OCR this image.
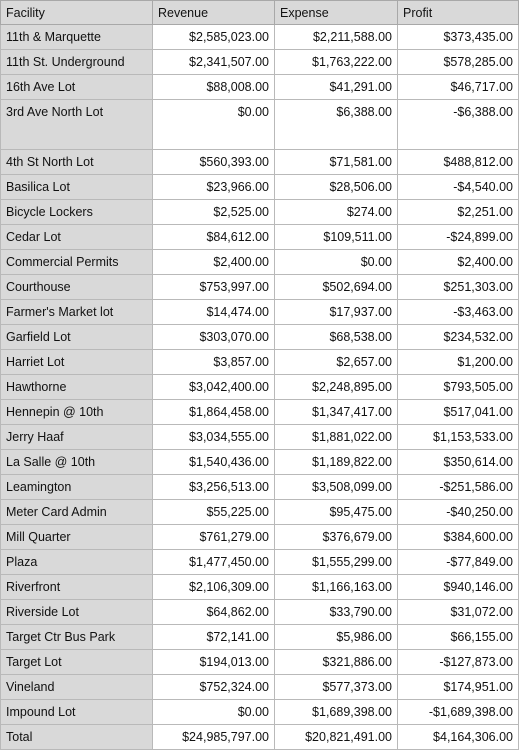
Facility	Revenue	Expense	Profit
11th & Marquette	$2,585,023.00	$2,211,588.00	$373,435.00
11th St. Underground	$2,341,507.00	$1,763,222.00	$578,285.00
16th Ave Lot	$88,008.00	$41,291.00	$46,717.00
3rd Ave North Lot	$0.00	$6,388.00	-$6,388.00
4th St North Lot	$560,393.00	$71,581.00	$488,812.00
Basilica Lot	$23,966.00	$28,506.00	-$4,540.00
Bicycle Lockers	$2,525.00	$274.00	$2,251.00
Cedar Lot	$84,612.00	$109,511.00	-$24,899.00
Commercial Permits	$2,400.00	$0.00	$2,400.00
Courthouse	$753,997.00	$502,694.00	$251,303.00
Farmer's Market lot	$14,474.00	$17,937.00	-$3,463.00
Garfield Lot	$303,070.00	$68,538.00	$234,532.00
Harriet Lot	$3,857.00	$2,657.00	$1,200.00
Hawthorne	$3,042,400.00	$2,248,895.00	$793,505.00
Hennepin @ 10th	$1,864,458.00	$1,347,417.00	$517,041.00
Jerry Haaf	$3,034,555.00	$1,881,022.00	$1,153,533.00
La Salle @ 10th	$1,540,436.00	$1,189,822.00	$350,614.00
Leamington	$3,256,513.00	$3,508,099.00	-$251,586.00
Meter Card Admin	$55,225.00	$95,475.00	-$40,250.00
Mill Quarter	$761,279.00	$376,679.00	$384,600.00
Plaza	$1,477,450.00	$1,555,299.00	-$77,849.00
Riverfront	$2,106,309.00	$1,166,163.00	$940,146.00
Riverside Lot	$64,862.00	$33,790.00	$31,072.00
Target Ctr Bus Park	$72,141.00	$5,986.00	$66,155.00
Target Lot	$194,013.00	$321,886.00	-$127,873.00
Vineland	$752,324.00	$577,373.00	$174,951.00
Impound Lot	$0.00	$1,689,398.00	-$1,689,398.00
Total	$24,985,797.00	$20,821,491.00	$4,164,306.00
